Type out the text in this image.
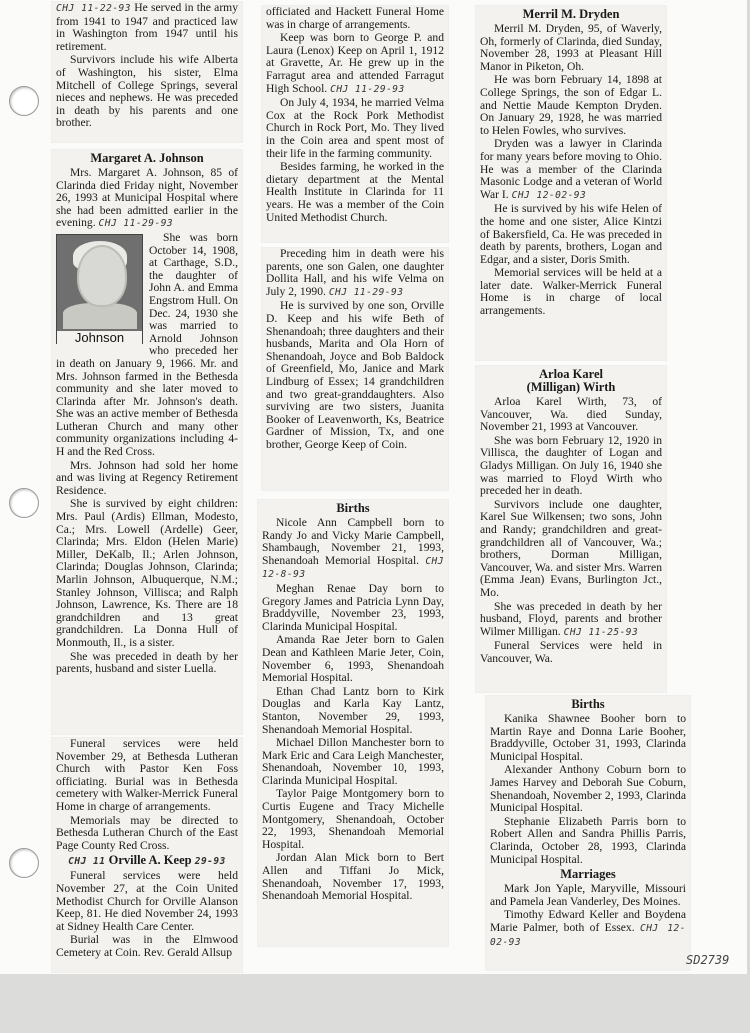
CHJ 11-22-93 He served in the army from 1941 to 1947 and practiced law in Washington from 1947 until his retirement.

Survivors include his wife Alberta of Washington, his sister, Elma Mitchell of College Springs, several nieces and nephews. He was preceded in death by his parents and one brother.

Margaret A. Johnson

Mrs. Margaret A. Johnson, 85 of Clarinda died Friday night, November 26, 1993 at Municipal Hospital where she had been admitted earlier in the evening. CHJ 11-29-93

Johnson

She was born October 14, 1908, at Carthage, S.D., the daughter of John A. and Emma Engstrom Hull. On Dec. 24, 1930 she was married to Arnold Johnson who preceded her in death on January 9, 1966. Mr. and Mrs. Johnson farmed in the Bethesda community and she later moved to Clarinda after Mr. Johnson's death. She was an active member of Bethesda Lutheran Church and many other community organizations including 4-H and the Red Cross.

Mrs. Johnson had sold her home and was living at Regency Retirement Residence.

She is survived by eight children: Mrs. Paul (Ardis) Ellman, Modesto, Ca.; Mrs. Lowell (Ardelle) Geer, Clarinda; Mrs. Eldon (Helen Marie) Miller, DeKalb, Il.; Arlen Johnson, Clarinda; Douglas Johnson, Clarinda; Marlin Johnson, Albuquerque, N.M.; Stanley Johnson, Villisca; and Ralph Johnson, Lawrence, Ks. There are 18 grandchildren and 13 great grandchildren. La Donna Hull of Monmouth, Il., is a sister.

She was preceded in death by her parents, husband and sister Luella.

Funeral services were held November 29, at Bethesda Lutheran Church with Pastor Ken Foss officiating. Burial was in Bethesda cemetery with Walker-Merrick Funeral Home in charge of arrangements.

Memorials may be directed to Bethesda Lutheran Church of the East Page County Red Cross.

CHJ 11 Orville A. Keep 29-93

Funeral services were held November 27, at the Coin United Methodist Church for Orville Alanson Keep, 81. He died November 24, 1993 at Sidney Health Care Center.

Burial was in the Elmwood Cemetery at Coin. Rev. Gerald Allsup

officiated and Hackett Funeral Home was in charge of arrangements.

Keep was born to George P. and Laura (Lenox) Keep on April 1, 1912 at Gravette, Ar. He grew up in the Farragut area and attended Farragut High School. CHJ 11-29-93

On July 4, 1934, he married Velma Cox at the Rock Pork Methodist Church in Rock Port, Mo. They lived in the Coin area and spent most of their life in the farming community.

Besides farming, he worked in the dietary department at the Mental Health Institute in Clarinda for 11 years. He was a member of the Coin United Methodist Church.

Preceding him in death were his parents, one son Galen, one daughter Dollita Hall, and his wife Velma on July 2, 1990. CHJ 11-29-93

He is survived by one son, Orville D. Keep and his wife Beth of Shenandoah; three daughters and their husbands, Marita and Ola Horn of Shenandoah, Joyce and Bob Baldock of Greenfield, Mo, Janice and Mark Lindburg of Essex; 14 grandchildren and two great-granddaughters. Also surviving are two sisters, Juanita Booker of Leavenworth, Ks, Beatrice Gardner of Mission, Tx, and one brother, George Keep of Coin.

Births

Nicole Ann Campbell born to Randy Jo and Vicky Marie Campbell, Shambaugh, November 21, 1993, Shenandoah Memorial Hospital. CHJ 12-8-93

Meghan Renae Day born to Gregory James and Patricia Lynn Day, Braddyville, November 23, 1993, Clarinda Municipal Hospital.

Amanda Rae Jeter born to Galen Dean and Kathleen Marie Jeter, Coin, November 6, 1993, Shenandoah Memorial Hospital.

Ethan Chad Lantz born to Kirk Douglas and Karla Kay Lantz, Stanton, November 29, 1993, Shenandoah Memorial Hospital.

Michael Dillon Manchester born to Mark Eric and Cara Leigh Manchester, Shenandoah, November 10, 1993, Clarinda Municipal Hospital.

Taylor Paige Montgomery born to Curtis Eugene and Tracy Michelle Montgomery, Shenandoah, October 22, 1993, Shenandoah Memorial Hospital.

Jordan Alan Mick born to Bert Allen and Tiffani Jo Mick, Shenandoah, November 17, 1993, Shenandoah Memorial Hospital.

Merril M. Dryden

Merril M. Dryden, 95, of Waverly, Oh, formerly of Clarinda, died Sunday, November 28, 1993 at Pleasant Hill Manor in Piketon, Oh.

He was born February 14, 1898 at College Springs, the son of Edgar L. and Nettie Maude Kempton Dryden. On January 29, 1928, he was married to Helen Fowles, who survives.

Dryden was a lawyer in Clarinda for many years before moving to Ohio. He was a member of the Clarinda Masonic Lodge and a veteran of World War I. CHJ 12-02-93

He is survived by his wife Helen of the home and one sister, Alice Kintzi of Bakersfield, Ca. He was preceded in death by parents, brothers, Logan and Edgar, and a sister, Doris Smith.

Memorial services will be held at a later date. Walker-Merrick Funeral Home is in charge of local arrangements.

Arloa Karel
(Milligan) Wirth

Arloa Karel Wirth, 73, of Vancouver, Wa. died Sunday, November 21, 1993 at Vancouver.

She was born February 12, 1920 in Villisca, the daughter of Logan and Gladys Milligan. On July 16, 1940 she was married to Floyd Wirth who preceded her in death.

Survivors include one daughter, Karel Sue Wilkensen; two sons, John and Randy; grandchildren and great-grandchildren all of Vancouver, Wa.; brothers, Dorman Milligan, Vancouver, Wa. and sister Mrs. Warren (Emma Jean) Evans, Burlington Jct., Mo.

She was preceded in death by her husband, Floyd, parents and brother Wilmer Milligan. CHJ 11-25-93

Funeral Services were held in Vancouver, Wa.

Births

Kanika Shawnee Booher born to Martin Raye and Donna Larie Booher, Braddyville, October 31, 1993, Clarinda Municipal Hospital.

Alexander Anthony Coburn born to James Harvey and Deborah Sue Coburn, Shenandoah, November 2, 1993, Clarinda Municipal Hospital.

Stephanie Elizabeth Parris born to Robert Allen and Sandra Phillis Parris, Clarinda, October 28, 1993, Clarinda Municipal Hospital.

Marriages

Mark Jon Yaple, Maryville, Missouri and Pamela Jean Vanderley, Des Moines.

Timothy Edward Keller and Boydena Marie Palmer, both of Essex. CHJ 12-02-93

SD2739
